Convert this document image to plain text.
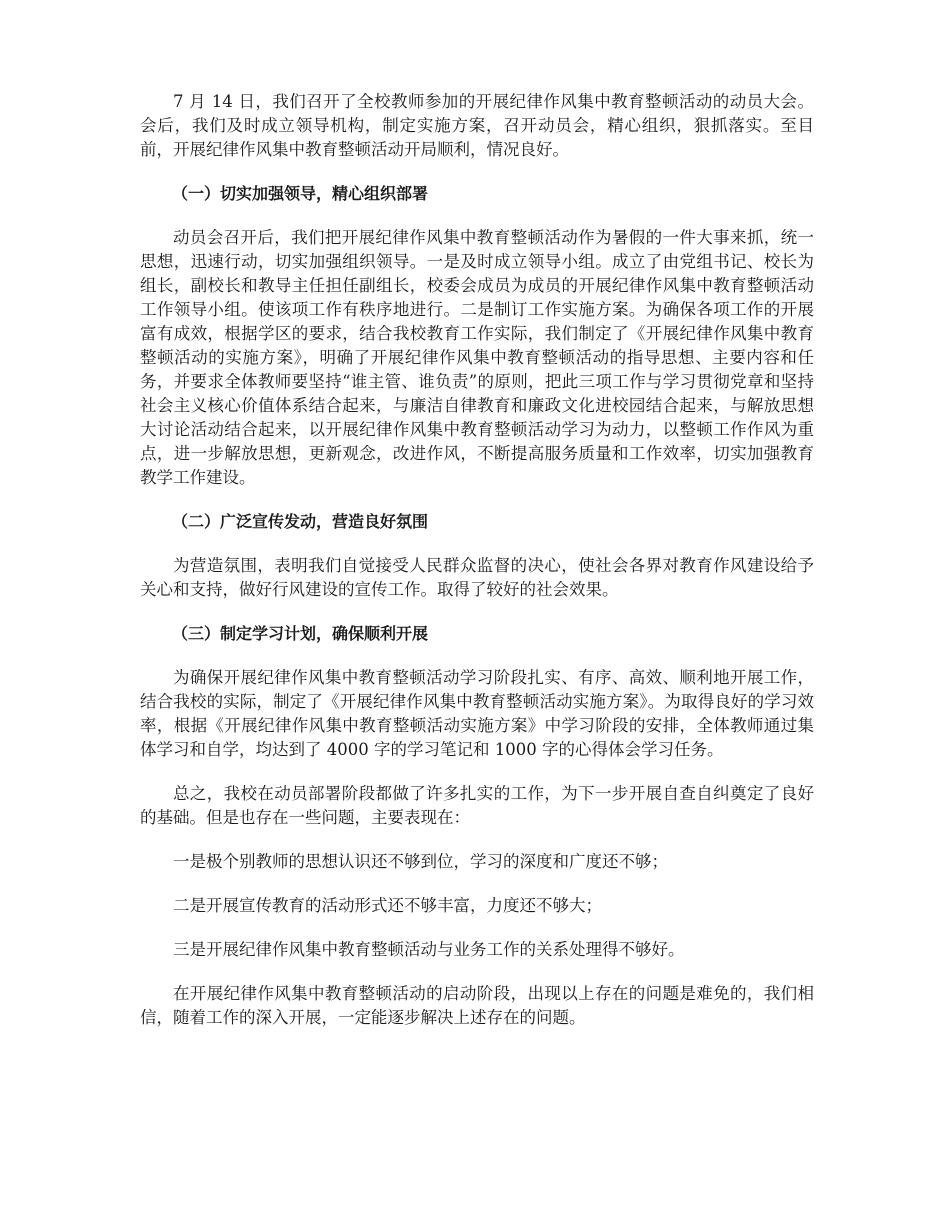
7 月 14 日，我们召开了全校教师参加的开展纪律作风集中教育整顿活动的动员大会。会后，我们及时成立领导机构，制定实施方案，召开动员会，精心组织，狠抓落实。至目前，开展纪律作风集中教育整顿活动开局顺利，情况良好。

（一）切实加强领导，精心组织部署

动员会召开后，我们把开展纪律作风集中教育整顿活动作为暑假的一件大事来抓，统一思想，迅速行动，切实加强组织领导。一是及时成立领导小组。成立了由党组书记、校长为组长，副校长和教导主任担任副组长，校委会成员为成员的开展纪律作风集中教育整顿活动工作领导小组。使该项工作有秩序地进行。二是制订工作实施方案。为确保各项工作的开展富有成效，根据学区的要求，结合我校教育工作实际，我们制定了《开展纪律作风集中教育整顿活动的实施方案》，明确了开展纪律作风集中教育整顿活动的指导思想、主要内容和任务，并要求全体教师要坚持“谁主管、谁负责”的原则，把此三项工作与学习贯彻党章和坚持社会主义核心价值体系结合起来，与廉洁自律教育和廉政文化进校园结合起来，与解放思想大讨论活动结合起来，以开展纪律作风集中教育整顿活动学习为动力，以整顿工作作风为重点，进一步解放思想，更新观念，改进作风，不断提高服务质量和工作效率，切实加强教育教学工作建设。

（二）广泛宣传发动，营造良好氛围

为营造氛围，表明我们自觉接受人民群众监督的决心，使社会各界对教育作风建设给予关心和支持，做好行风建设的宣传工作。取得了较好的社会效果。

（三）制定学习计划，确保顺利开展

为确保开展纪律作风集中教育整顿活动学习阶段扎实、有序、高效、顺利地开展工作，结合我校的实际，制定了《开展纪律作风集中教育整顿活动实施方案》。为取得良好的学习效率，根据《开展纪律作风集中教育整顿活动实施方案》中学习阶段的安排，全体教师通过集体学习和自学，均达到了 4000 字的学习笔记和 1000 字的心得体会学习任务。

总之，我校在动员部署阶段都做了许多扎实的工作，为下一步开展自查自纠奠定了良好的基础。但是也存在一些问题，主要表现在：

一是极个别教师的思想认识还不够到位，学习的深度和广度还不够；

二是开展宣传教育的活动形式还不够丰富，力度还不够大；

三是开展纪律作风集中教育整顿活动与业务工作的关系处理得不够好。

在开展纪律作风集中教育整顿活动的启动阶段，出现以上存在的问题是难免的，我们相信，随着工作的深入开展，一定能逐步解决上述存在的问题。
